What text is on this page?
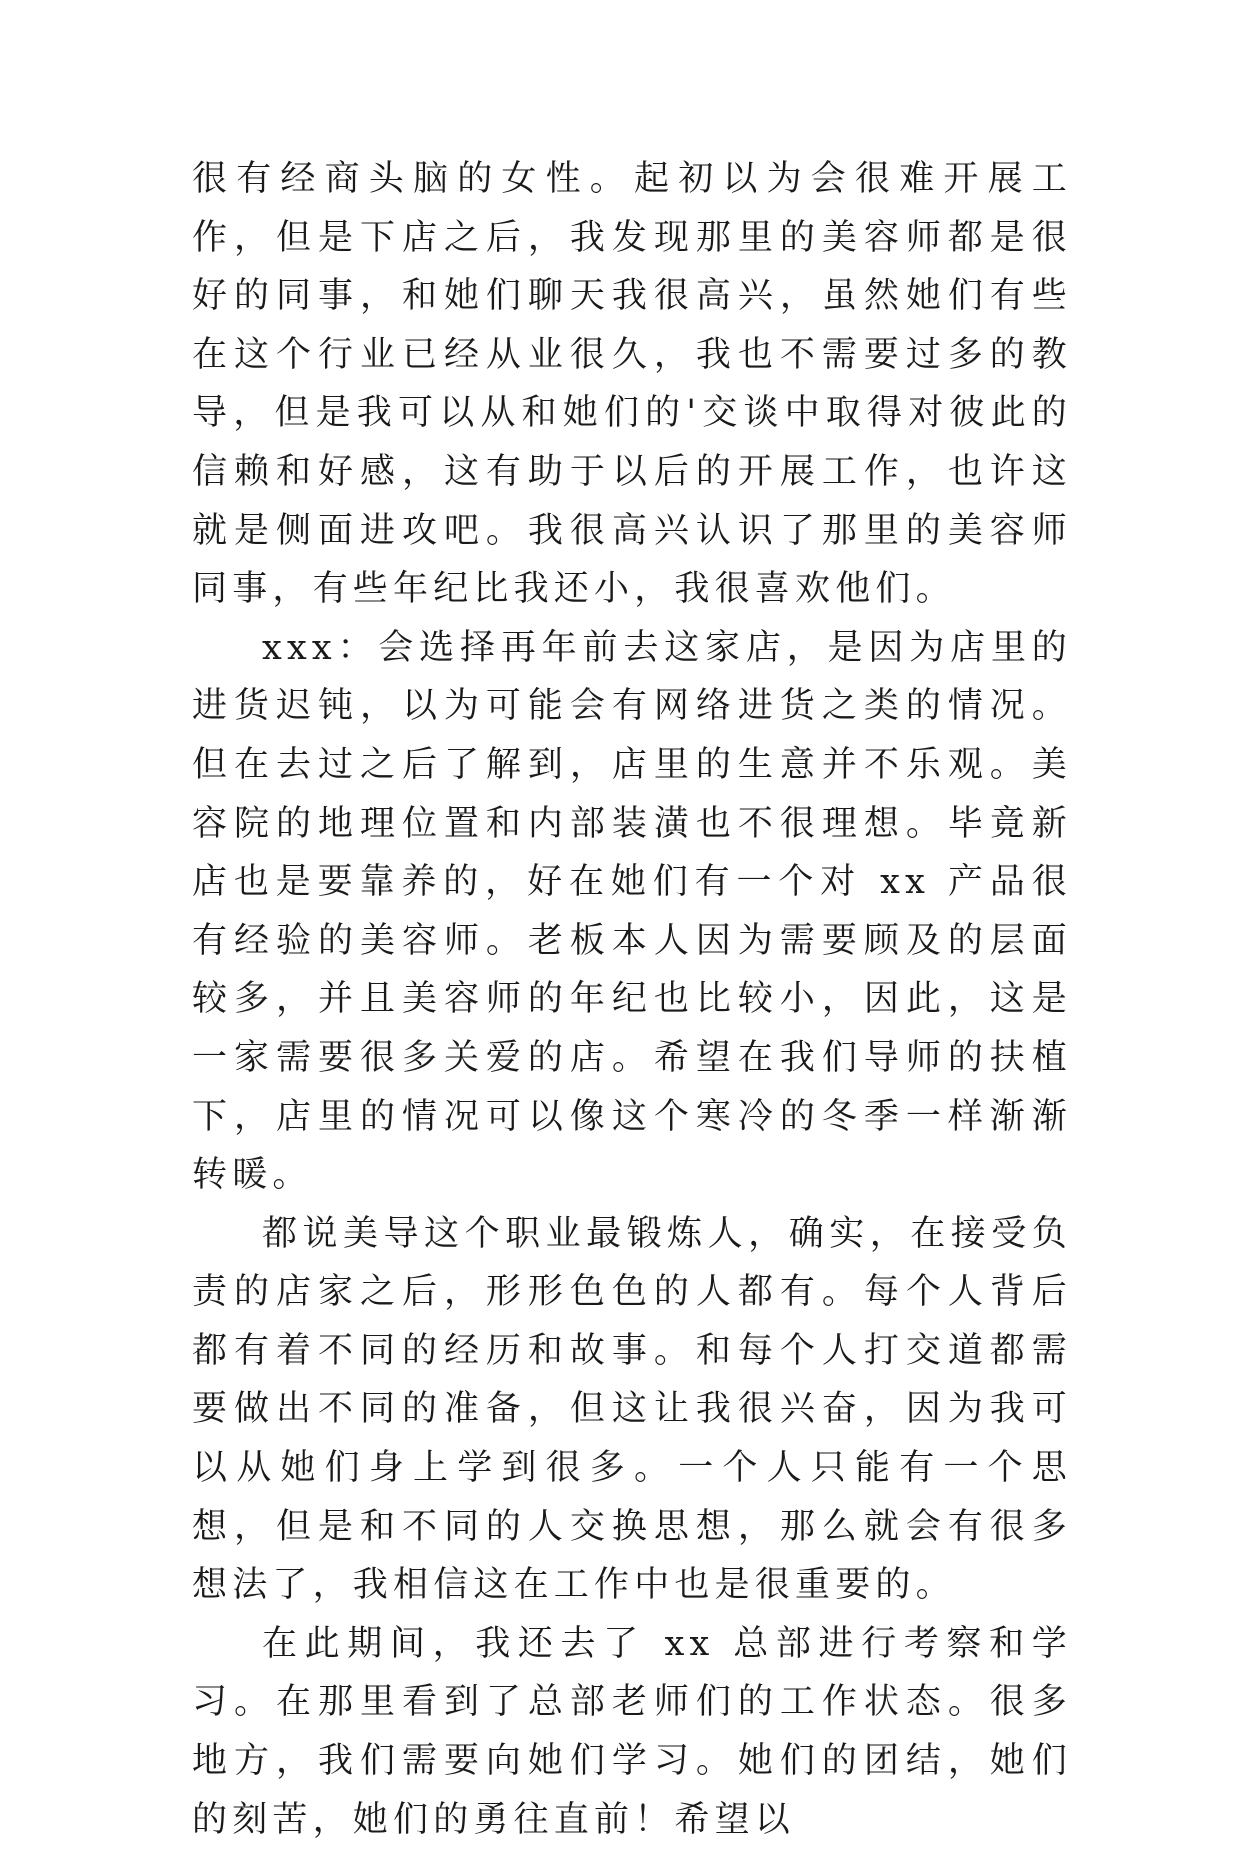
很有经商头脑的女性。起初以为会很难开展工作，但是下店之后，我发现那里的美容师都是很好的同事，和她们聊天我很高兴，虽然她们有些在这个行业已经从业很久，我也不需要过多的教导，但是我可以从和她们的'交谈中取得对彼此的信赖和好感，这有助于以后的开展工作，也许这就是侧面进攻吧。我很高兴认识了那里的美容师同事，有些年纪比我还小，我很喜欢他们。

xxx：会选择再年前去这家店，是因为店里的进货迟钝，以为可能会有网络进货之类的情况。但在去过之后了解到，店里的生意并不乐观。美容院的地理位置和内部装潢也不很理想。毕竟新店也是要靠养的，好在她们有一个对 xx 产品很有经验的美容师。老板本人因为需要顾及的层面较多，并且美容师的年纪也比较小，因此，这是一家需要很多关爱的店。希望在我们导师的扶植下，店里的情况可以像这个寒冷的冬季一样渐渐转暖。

都说美导这个职业最锻炼人，确实，在接受负责的店家之后，形形色色的人都有。每个人背后都有着不同的经历和故事。和每个人打交道都需要做出不同的准备，但这让我很兴奋，因为我可以从她们身上学到很多。一个人只能有一个思想，但是和不同的人交换思想，那么就会有很多想法了，我相信这在工作中也是很重要的。

在此期间，我还去了 xx 总部进行考察和学习。在那里看到了总部老师们的工作状态。很多地方，我们需要向她们学习。她们的团结，她们的刻苦，她们的勇往直前！希望以
